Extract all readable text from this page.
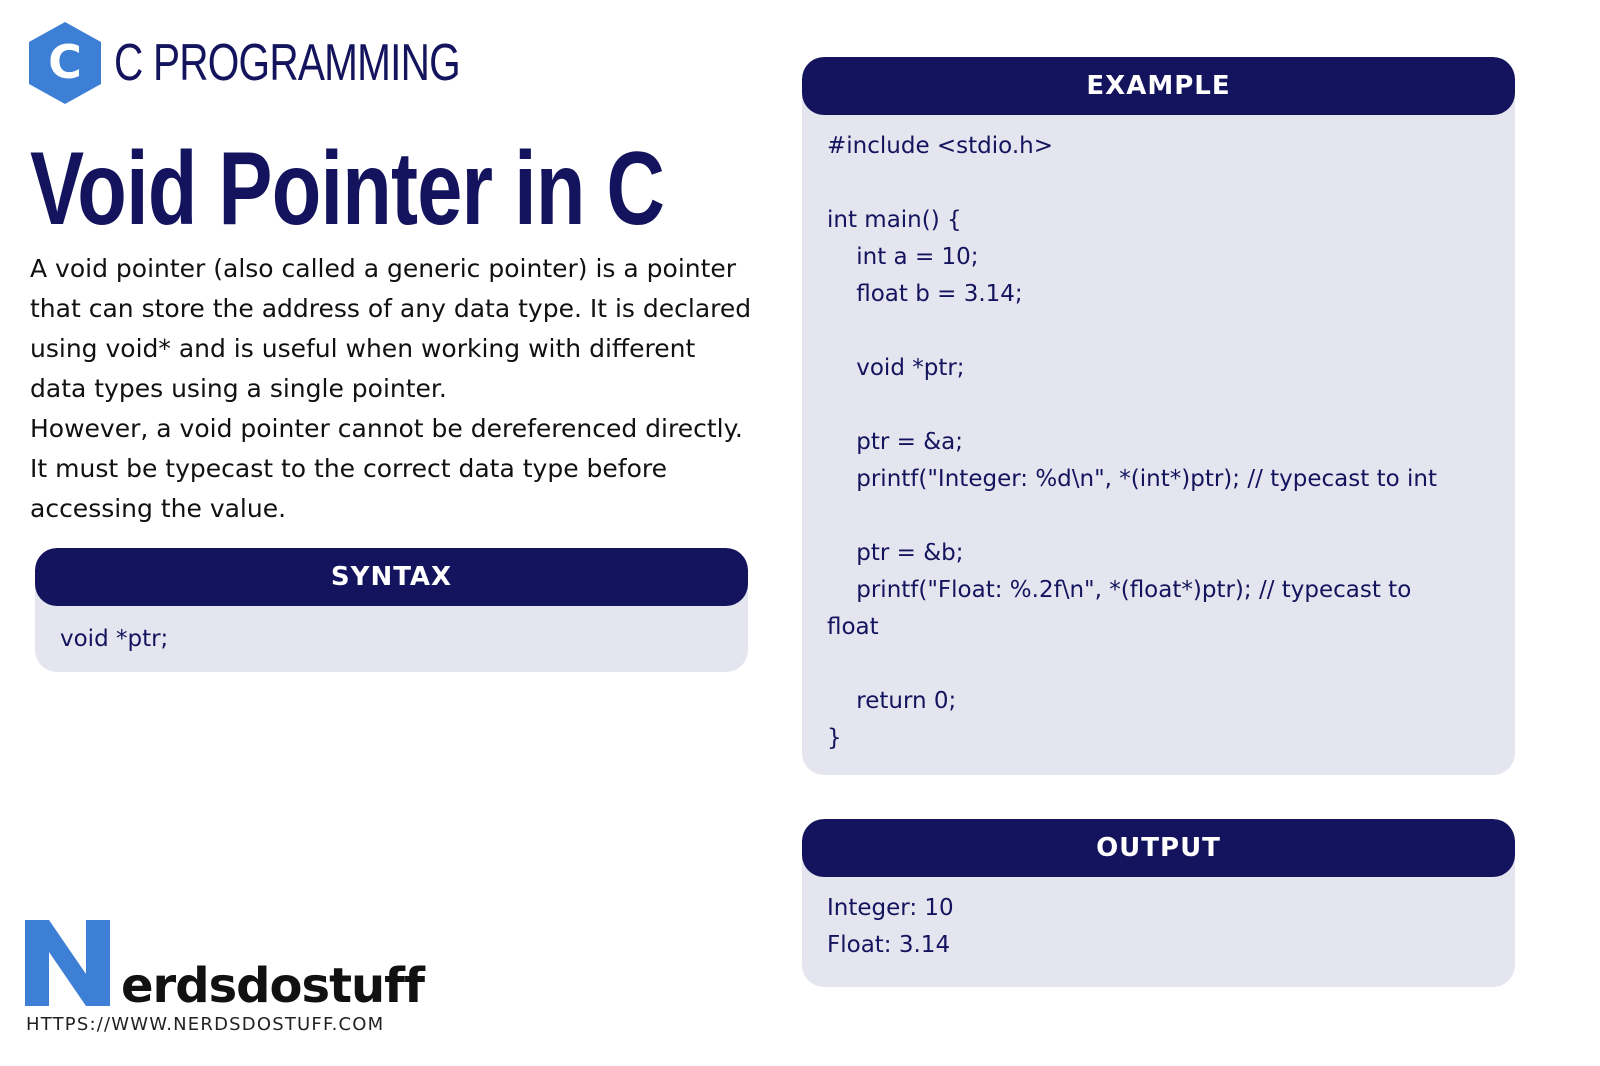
C C PROGRAMMING
Void Pointer in C

A void pointer (also called a generic pointer) is a pointer

that can store the address of any data type. It is declared

using void* and is useful when working with different

data types using a single pointer.

However, a void pointer cannot be dereferenced directly.

It must be typecast to the correct data type before

accessing the value.

SYNTAX
void *ptr;
EXAMPLE
#include <stdio.h>
int main() {
int a = 10;
float b = 3.14;
void *ptr;
ptr = &a;
printf("Integer: %d\n", *(int*)ptr); // typecast to int
ptr = &b;
printf("Float: %.2f\n", *(float*)ptr); // typecast to
float
return 0;
}
OUTPUT
Integer: 10
Float: 3.14
erdsdostuff
HTTPS://WWW.NERDSDOSTUFF.COM
